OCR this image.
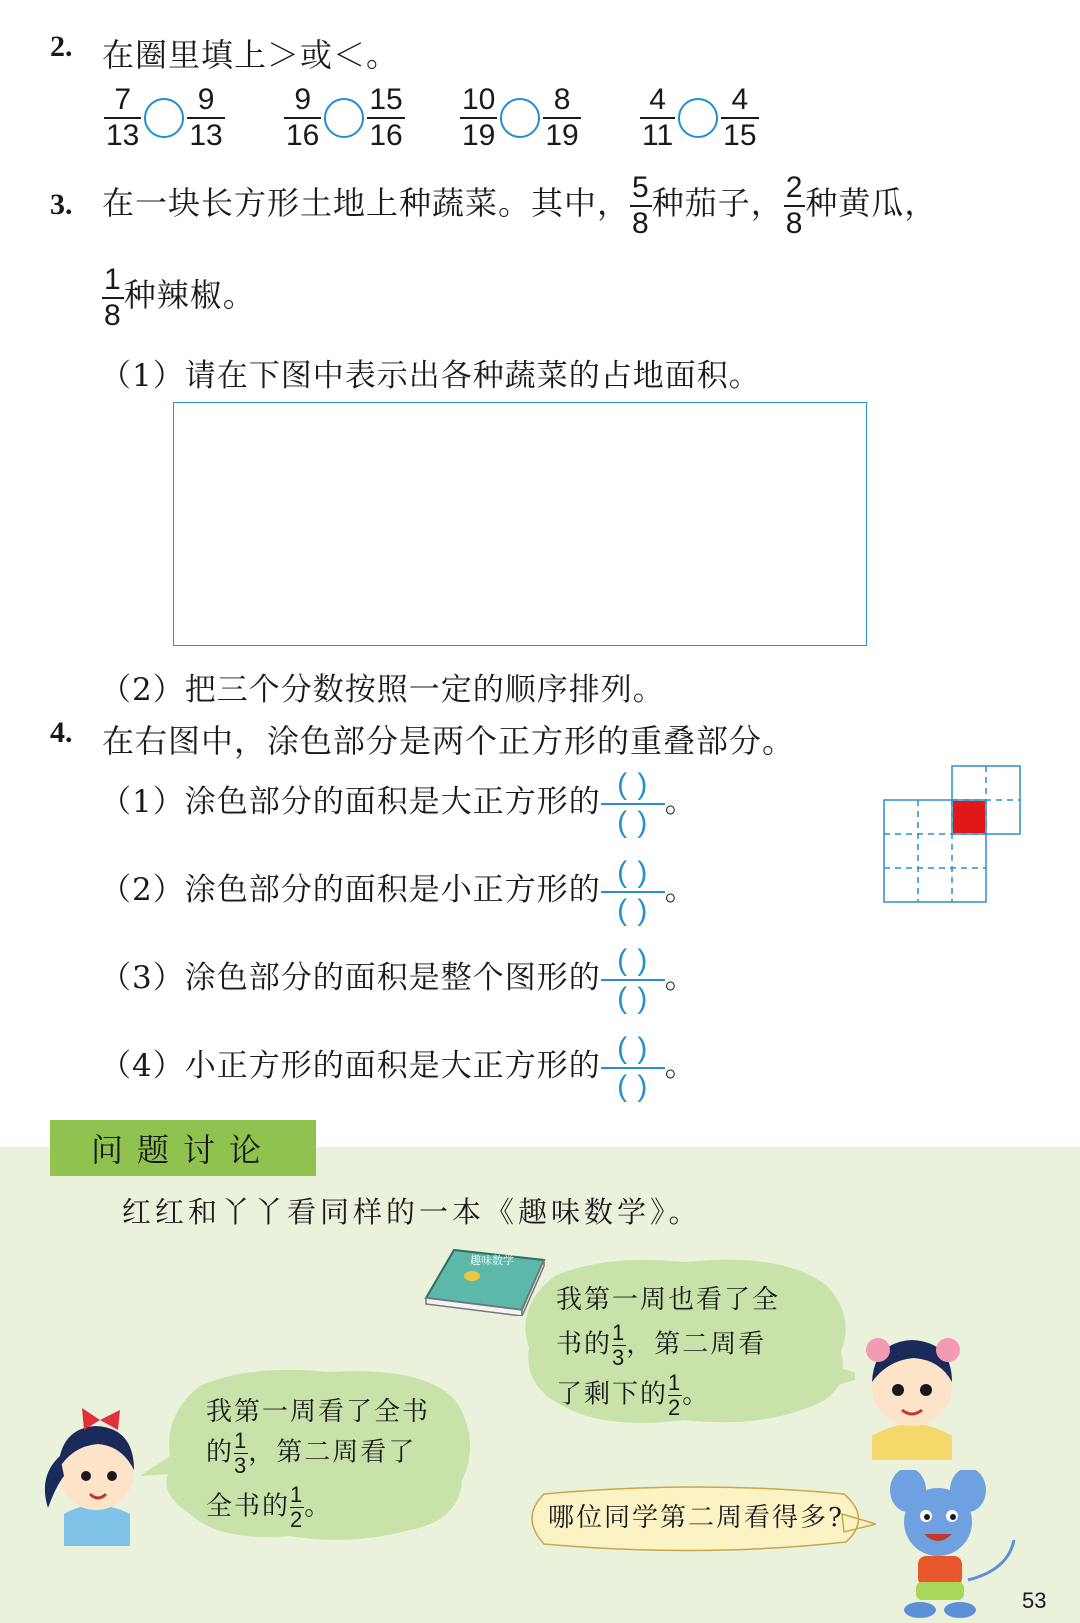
2. 在圈里填上＞或＜。
$\frac{7}{13} \frac{9}{13} \frac{9}{16} \frac{15}{16} \frac{10}{19} \frac{8}{19} \frac{4}{11} \frac{4}{15}$
3. 在一块长方形土地上种蔬菜。其中， $\frac{5}{8}$ 种茄子， $\frac{2}{8}$ 种黄瓜，
$\frac{1}{8}$ 种辣椒。
（1）请在下图中表示出各种蔬菜的占地面积。
（2）把三个分数按照一定的顺序排列。
4. 在右图中，涂色部分是两个正方形的重叠部分。
（1）涂色部分的面积是大正方形的 ( )
( )
。
（2）涂色部分的面积是小正方形的 ( )
( )
。
（3）涂色部分的面积是整个图形的 ( )
( )
。
（4）小正方形的面积是大正方形的 ( )
( )
。
问题讨论
红红和丫丫看同样的一本《趣味数学》。
趣味数学
我第一周也看了全
书的 $\frac{1}{3}$ ，第二周看
了剩下的 $\frac{1}{2}$ 。
我第一周看了全书
的 $\frac{1}{3}$ ，第二周看了
全书的 $\frac{1}{2}$ 。	哪位同学第二周看得多?
53
